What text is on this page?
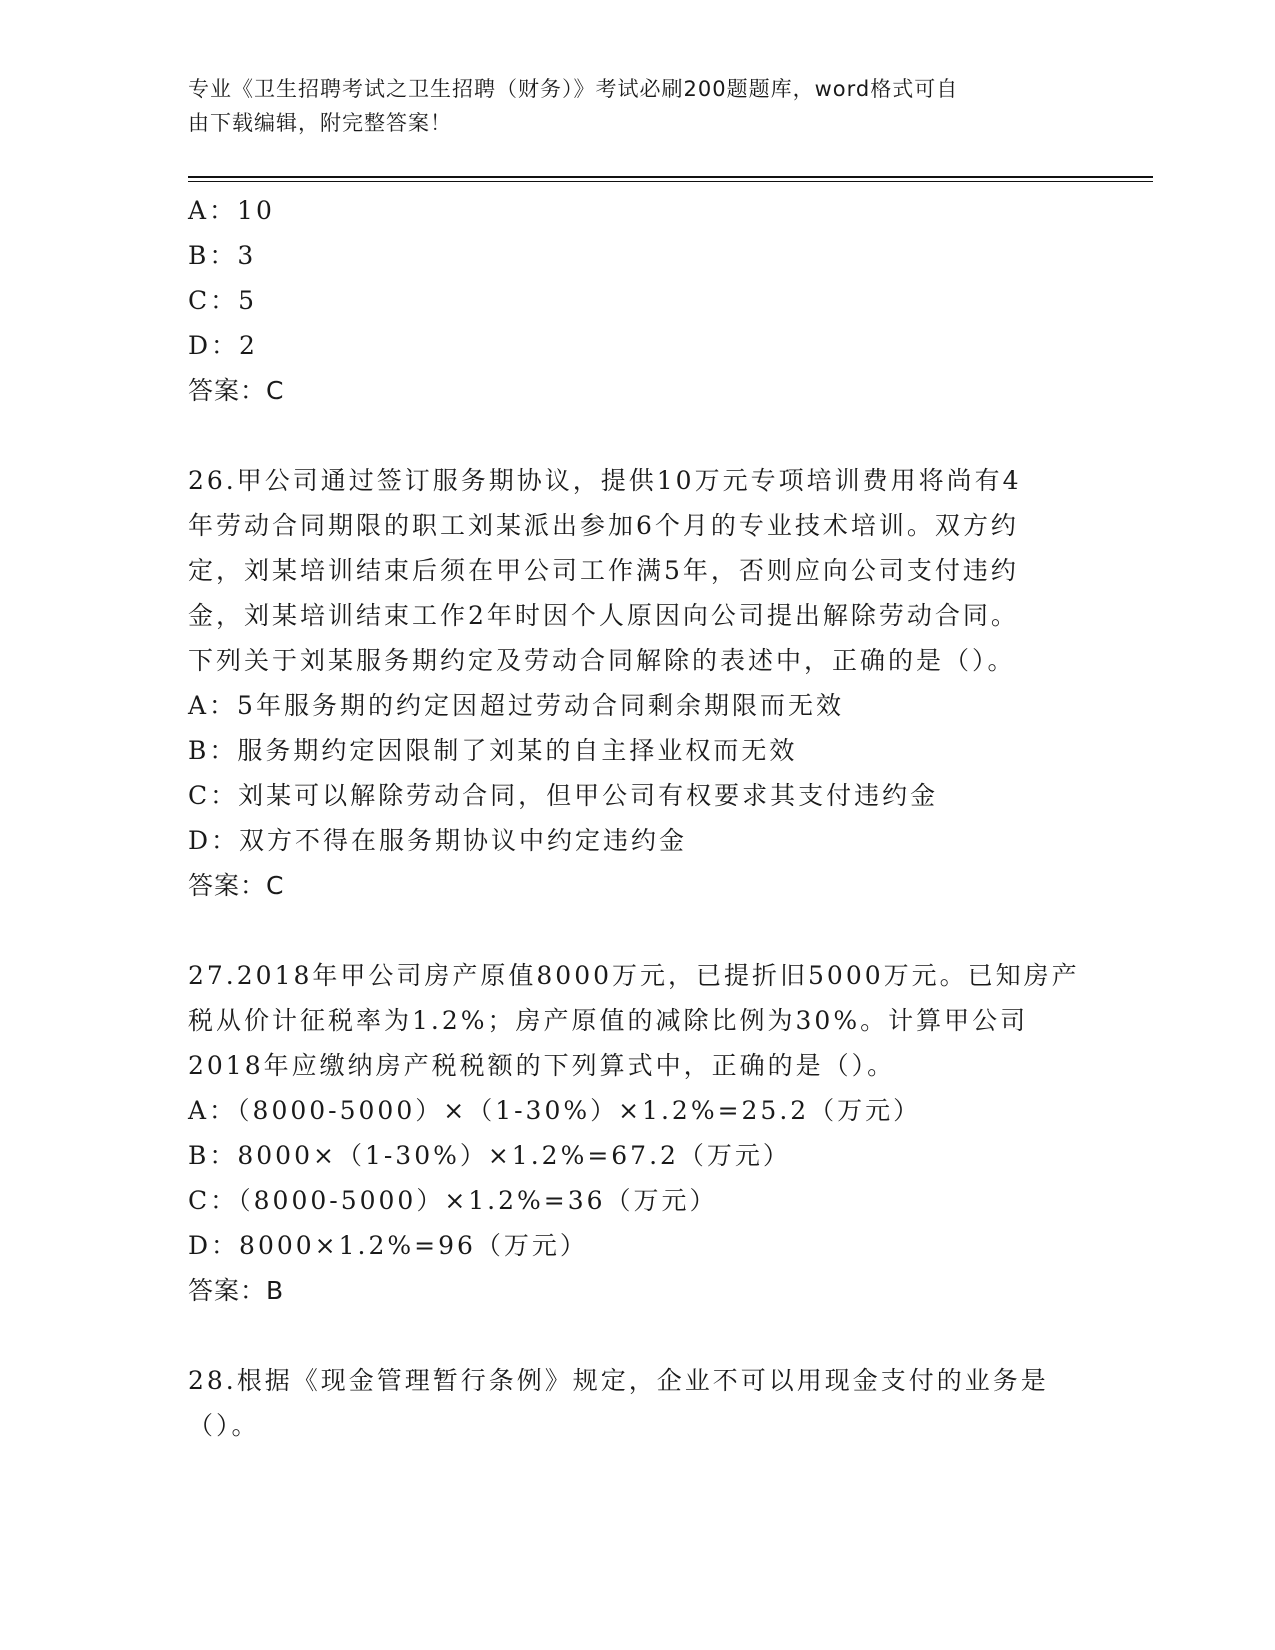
专业《卫生招聘考试之卫生招聘（财务）》考试必刷200题题库，word格式可自
由下载编辑，附完整答案！
A：10
B：3
C：5
D：2
答案：C
26.甲公司通过签订服务期协议，提供10万元专项培训费用将尚有4
年劳动合同期限的职工刘某派出参加6个月的专业技术培训。双方约
定，刘某培训结束后须在甲公司工作满5年，否则应向公司支付违约
金，刘某培训结束工作2年时因个人原因向公司提出解除劳动合同。
下列关于刘某服务期约定及劳动合同解除的表述中，正确的是（）。
A：5年服务期的约定因超过劳动合同剩余期限而无效
B：服务期约定因限制了刘某的自主择业权而无效
C：刘某可以解除劳动合同，但甲公司有权要求其支付违约金
D：双方不得在服务期协议中约定违约金
答案：C
27.2018年甲公司房产原值8000万元，已提折旧5000万元。已知房产
税从价计征税率为1.2%；房产原值的减除比例为30%。计算甲公司
2018年应缴纳房产税税额的下列算式中，正确的是（）。
A：（8000-5000）×（1-30%）×1.2%=25.2（万元）
B：8000×（1-30%）×1.2%=67.2（万元）
C：（8000-5000）×1.2%=36（万元）
D：8000×1.2%=96（万元）
答案：B
28.根据《现金管理暂行条例》规定，企业不可以用现金支付的业务是
（）。
